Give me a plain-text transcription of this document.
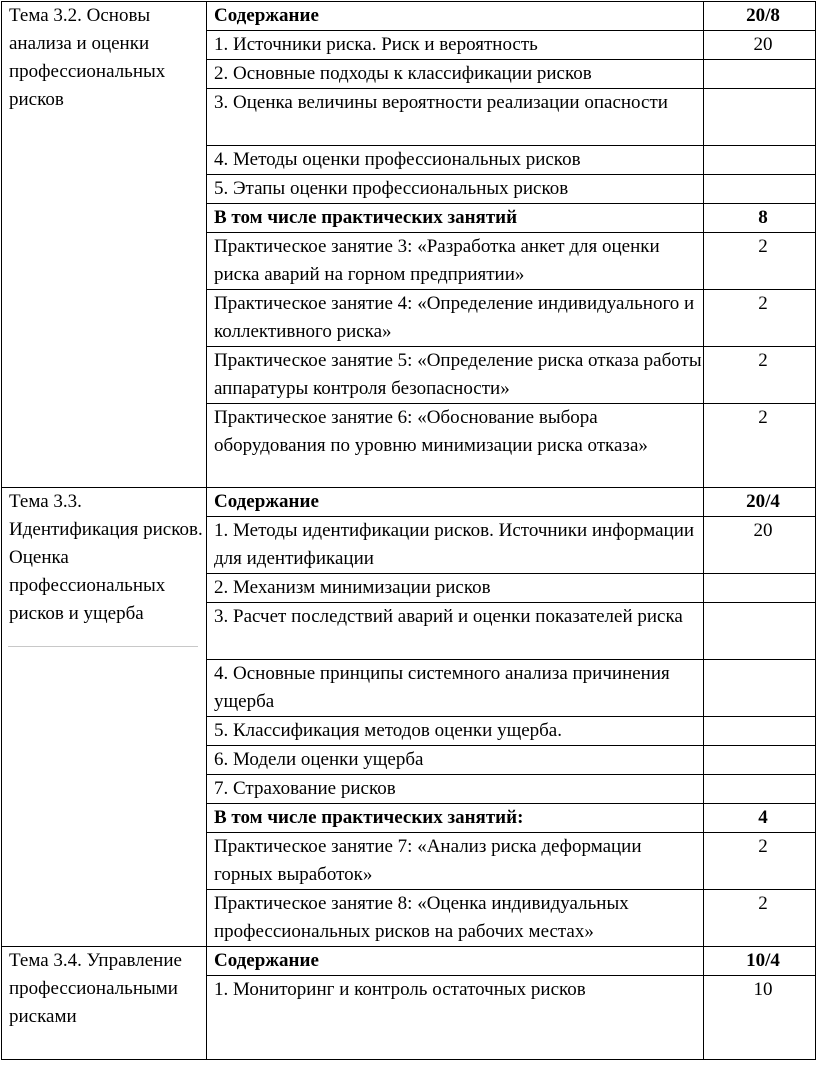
Тема 3.2. Основы анализа и оценки профессиональных рисков	Содержание	20/8
	1. Источники риска. Риск и вероятность	20
	2. Основные подходы к классификации рисков	
	3. Оценка величины вероятности реализации опасности	
	4. Методы оценки профессиональных рисков	
	5. Этапы оценки профессиональных рисков	
	В том числе практических занятий	8
	Практическое занятие 3: «Разработка анкет для оценки риска аварий на горном предприятии»	2
	Практическое занятие 4: «Определение индивидуального и коллективного риска»	2
	Практическое занятие 5: «Определение риска отказа работы аппаратуры контроля безопасности»	2
	Практическое занятие 6: «Обоснование выбора оборудования по уровню минимизации риска отказа»	2

Тема 3.3. Идентификация рисков. Оценка профессиональных рисков и ущерба	Содержание	20/4
	1. Методы идентификации рисков. Источники информации для идентификации	20
	2. Механизм минимизации рисков	
	3. Расчет последствий аварий и оценки показателей риска	
	4. Основные принципы системного анализа причинения ущерба	
	5. Классификация методов оценки ущерба.	
	6. Модели оценки ущерба	
	7. Страхование рисков	
	В том числе практических занятий:	4
	Практическое занятие 7: «Анализ риска деформации горных выработок»	2
	Практическое занятие 8: «Оценка индивидуальных профессиональных рисков на рабочих местах»	2
Тема 3.4. Управление профессиональными рисками	Содержание	10/4
	1. Мониторинг и контроль остаточных рисков	10
